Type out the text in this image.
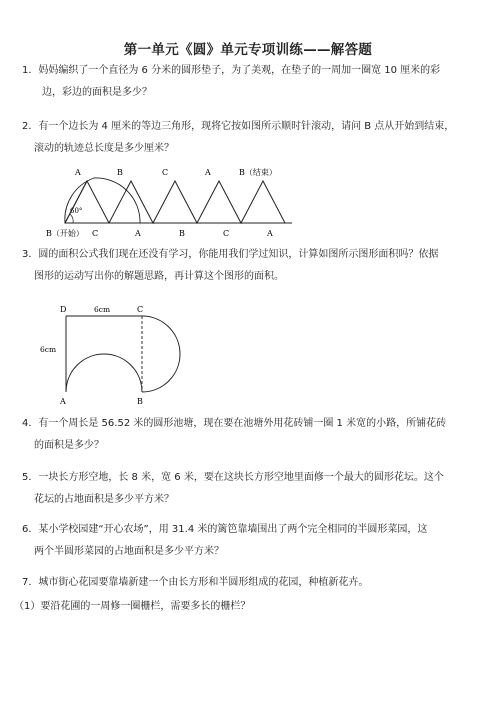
第一单元《圆》单元专项训练——解答题
1．妈妈编织了一个直径为 6 分米的圆形垫子，为了美观，在垫子的一周加一圈宽 10 厘米的彩
边，彩边的面积是多少？
2．有一个边长为 4 厘米的等边三角形，现将它按如图所示顺时针滚动，请问 B 点从开始到结束，
滚动的轨迹总长度是多少厘米？
A	B	C	A	B（结束）
60°
B（开始） C	A	B	C	A
3．圆的面积公式我们现在还没有学习，你能用我们学过知识，计算如图所示图形面积吗？依据
图形的运动写出你的解题思路，再计算这个图形的面积。
D	C
A	B
6cm
6cm
4．有一个周长是 56.52 米的圆形池塘，现在要在池塘外用花砖铺一圈 1 米宽的小路，所铺花砖
的面积是多少？
5．一块长方形空地，长 8 米，宽 6 米，要在这块长方形空地里面修一个最大的圆形花坛。这个
花坛的占地面积是多少平方米？
6．某小学校园建“开心农场”，用 31.4 米的篱笆靠墙围出了两个完全相同的半圆形菜园，这
两个半圆形菜园的占地面积是多少平方米？
7．城市街心花园要靠墙新建一个由长方形和半圆形组成的花园，种植新花卉。
（1）要沿花圃的一周修一圈栅栏，需要多长的栅栏？
